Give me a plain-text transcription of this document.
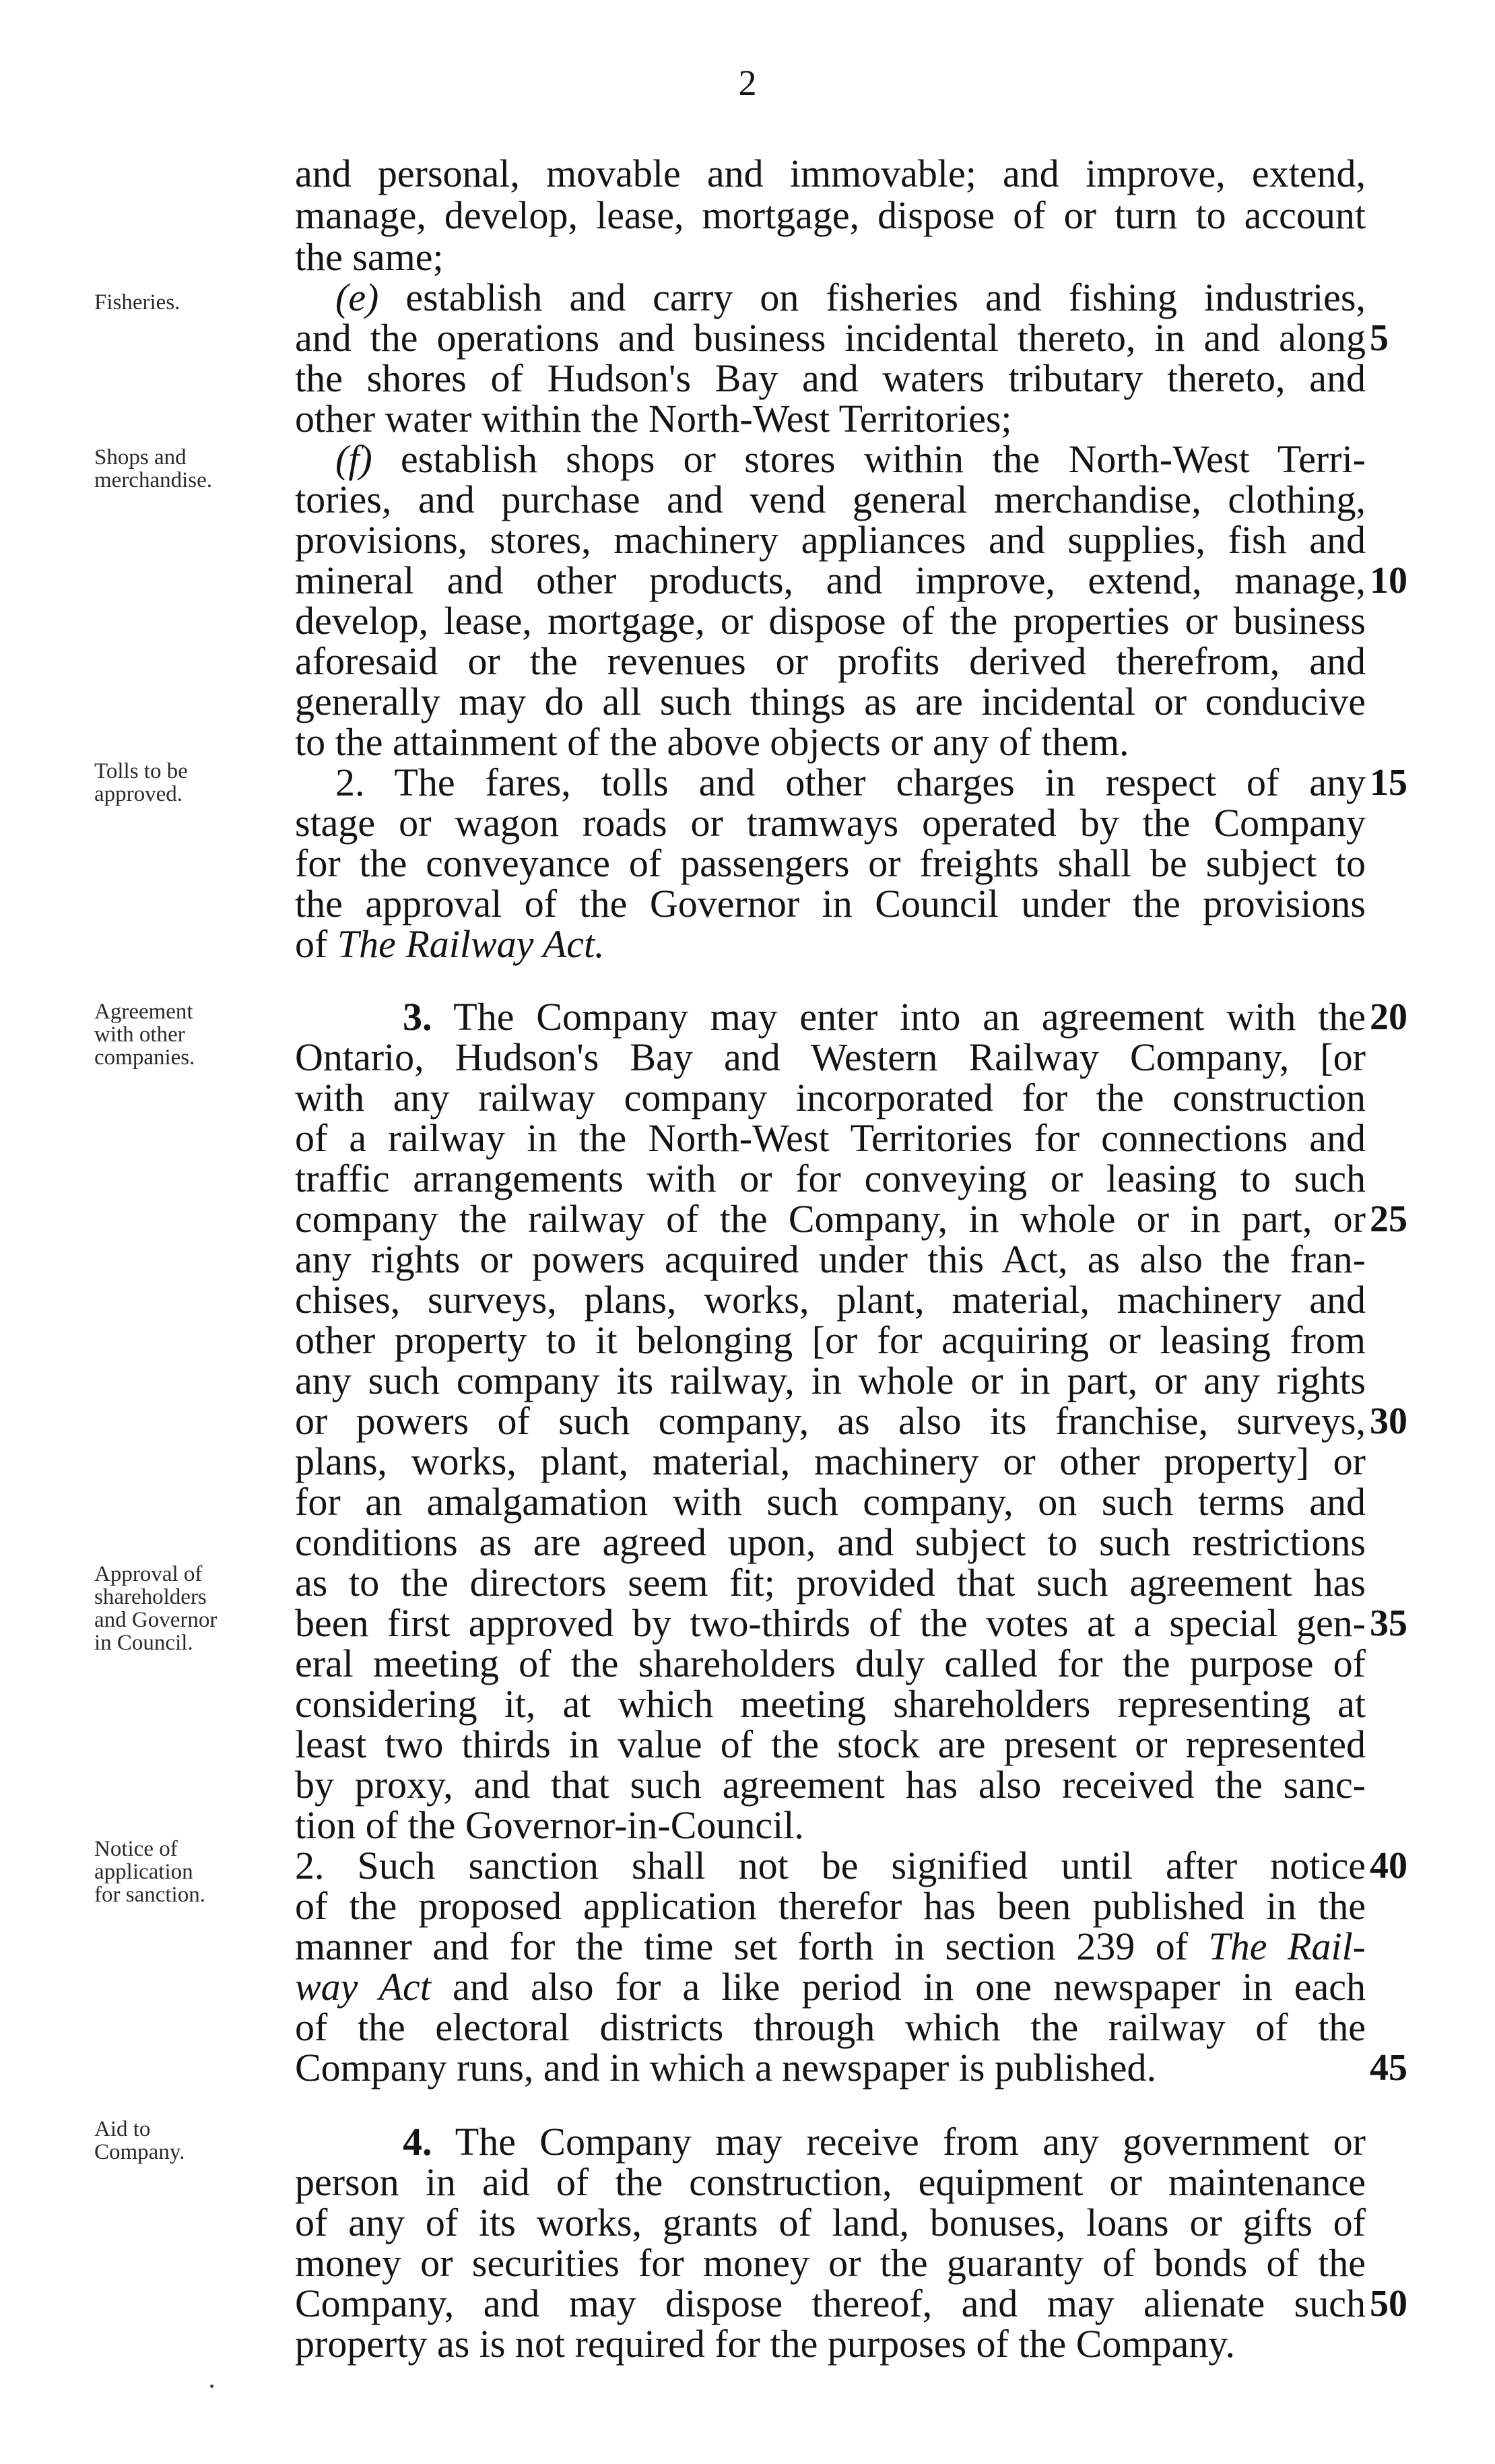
2
Fisheries.
Shops and
merchandise.
Tolls to be
approved.
Agreement
with other
companies.
Approval of
shareholders
and Governor
in Council.
Notice of
application
for sanction.
Aid to
Company.
and personal, movable and immovable; and improve, extend,
manage, develop, lease, mortgage, dispose of or turn to account
the same;
(e) establish and carry on fisheries and fishing industries,
and the operations and business incidental thereto, in and along
the shores of Hudson's Bay and waters tributary thereto, and
other water within the North-West Territories;
(f) establish shops or stores within the North-West Terri-
tories, and purchase and vend general merchandise, clothing,
provisions, stores, machinery appliances and supplies, fish and
mineral and other products, and improve, extend, manage,
develop, lease, mortgage, or dispose of the properties or business
aforesaid or the revenues or profits derived therefrom, and
generally may do all such things as are incidental or conducive
to the attainment of the above objects or any of them.
2. The fares, tolls and other charges in respect of any
stage or wagon roads or tramways operated by the Company
for the conveyance of passengers or freights shall be subject to
the approval of the Governor in Council under the provisions
of The Railway Act.
3. The Company may enter into an agreement with the
Ontario, Hudson's Bay and Western Railway Company, [or
with any railway company incorporated for the construction
of a railway in the North-West Territories for connections and
traffic arrangements with or for conveying or leasing to such
company the railway of the Company, in whole or in part, or
any rights or powers acquired under this Act, as also the fran-
chises, surveys, plans, works, plant, material, machinery and
other property to it belonging [or for acquiring or leasing from
any such company its railway, in whole or in part, or any rights
or powers of such company, as also its franchise, surveys,
plans, works, plant, material, machinery or other property] or
for an amalgamation with such company, on such terms and
conditions as are agreed upon, and subject to such restrictions
as to the directors seem fit; provided that such agreement has
been first approved by two-thirds of the votes at a special gen-
eral meeting of the shareholders duly called for the purpose of
considering it, at which meeting shareholders representing at
least two thirds in value of the stock are present or represented
by proxy, and that such agreement has also received the sanc-
tion of the Governor-in-Council.
2. Such sanction shall not be signified until after notice
of the proposed application therefor has been published in the
manner and for the time set forth in section 239 of The Rail-
way Act and also for a like period in one newspaper in each
of the electoral districts through which the railway of the
Company runs, and in which a newspaper is published.
4. The Company may receive from any government or
person in aid of the construction, equipment or maintenance
of any of its works, grants of land, bonuses, loans or gifts of
money or securities for money or the guaranty of bonds of the
Company, and may dispose thereof, and may alienate such
property as is not required for the purposes of the Company.
5
10
15
20
25
30
35
40
45
50
